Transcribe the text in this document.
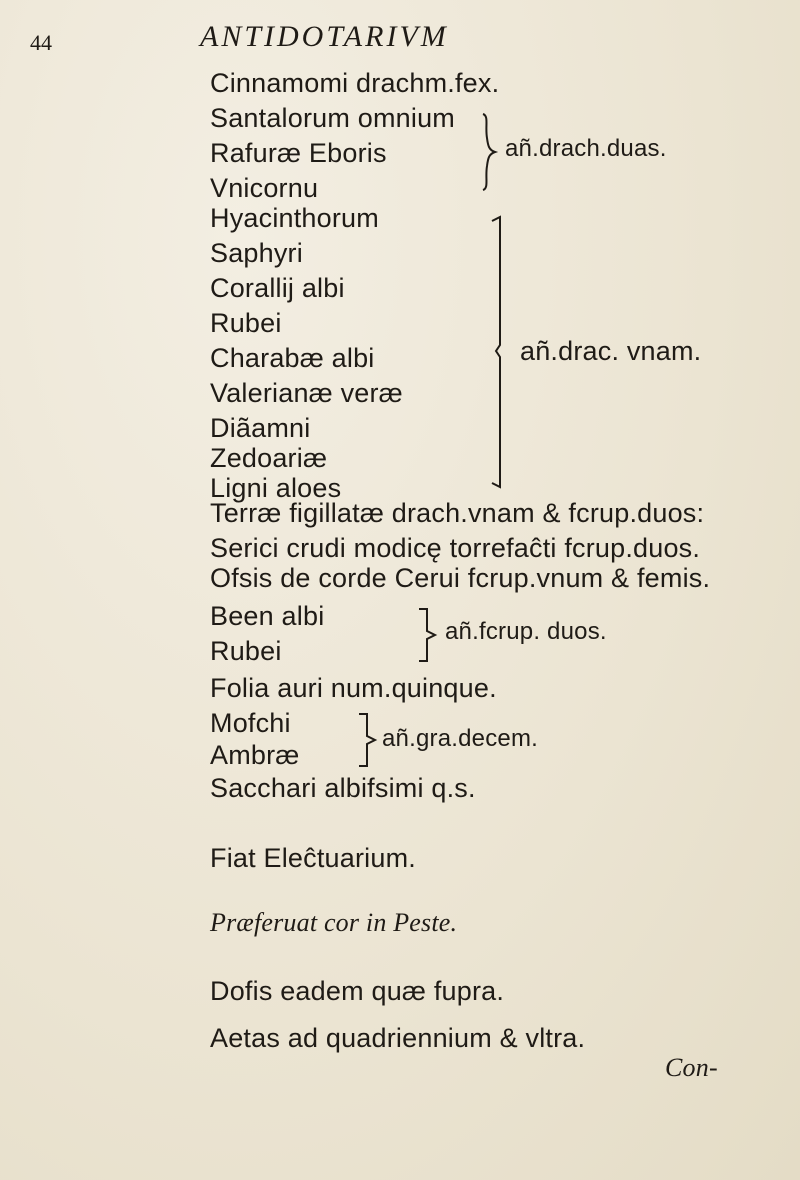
44	ANTIDOTARIVM
Cinnamomi drachm.fex.
Santalorum omnium
Rafuræ Eboris
Vnicornu
añ.drach.duas.
Hyacinthorum
Saphyri
Corallij albi
Rubei
Charabæ albi
Valerianæ veræ
Diãamni
Zedoariæ
Ligni aloes
añ.drac. vnam.
Terræ figillatæ drach.vnam & fcrup.duos:
Serici crudi modicę torrefaĉti fcrup.duos.
Ofsis de corde Cerui fcrup.vnum & femis.
Been albi
Rubei
añ.fcrup. duos.
Folia auri num.quinque.
Mofchi
Ambræ
añ.gra.decem.
Sacchari albifsimi q.s.
Fiat Eleĉtuarium.
Præferuat cor in Peste.
Dofis eadem quæ fupra.
Aetas ad quadriennium & vltra.
Con-
